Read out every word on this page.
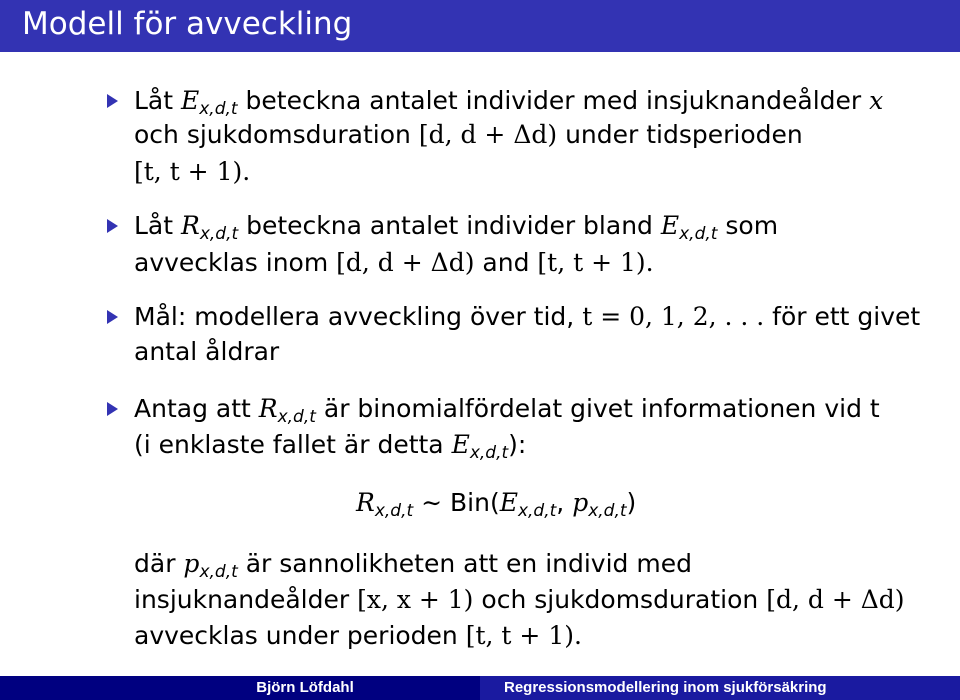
Modell för avveckling
Låt $E_{x,d,t}$ beteckna antalet individer med insjuknandeålder x
och sjukdomsduration [d, d + Δd) under tidsperioden
[t, t + 1).
Låt $R_{x,d,t}$ beteckna antalet individer bland $E_{x,d,t}$ som
avvecklas inom [d, d + Δd) and [t, t + 1).
Mål: modellera avveckling över tid, t = 0, 1, 2, . . . för ett givet
antal åldrar
Antag att $R_{x,d,t}$ är binomialfördelat givet informationen vid t
(i enklaste fallet är detta $E_{x,d,t}$):
$R_{x,d,t}$ ∼ $Bin(E_{x,d,t}$, $p_{x,d,t}$)
där $p_{x,d,t}$ är sannolikheten att en individ med
insjuknandeålder [x, x + 1) och sjukdomsduration [d, d + Δd)
avvecklas under perioden [t, t + 1).
Björn Löfdahl	Regressionsmodellering inom sjukförsäkring
